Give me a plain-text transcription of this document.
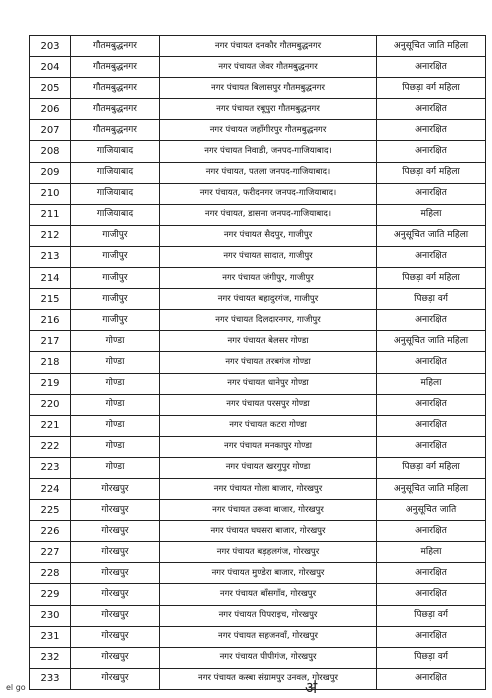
203	गौतमबुद्धनगर	नगर पंचायत दनकौर गौतमबुद्धनगर	अनुसूचित जाति महिला
204	गौतमबुद्धनगर	नगर पंचायत जेवर गौतमबुद्धनगर	अनारक्षित
205	गौतमबुद्धनगर	नगर पंचायत बिलासपुर गौतमबुद्धनगर	पिछड़ा वर्ग महिला
206	गौतमबुद्धनगर	नगर पंचायत रबूपुरा गौतमबुद्धनगर	अनारक्षित
207	गौतमबुद्धनगर	नगर पंचायत जहाँगीरपुर गौतमबुद्धनगर	अनारक्षित
208	गाजियाबाद	नगर पंचायत निवाडी, जनपद-गाजियाबाद।	अनारक्षित
209	गाजियाबाद	नगर पंचायत, पतला जनपद-गाजियाबाद।	पिछड़ा वर्ग महिला
210	गाजियाबाद	नगर पंचायत, फरीदनगर जनपद-गाजियाबाद।	अनारक्षित
211	गाजियाबाद	नगर पंचायत, डासना जनपद-गाजियाबाद।	महिला
212	गाजीपुर	नगर पंचायत सैदपुर, गाजीपुर	अनुसूचित जाति महिला
213	गाजीपुर	नगर पंचायत सादात, गाजीपुर	अनारक्षित
214	गाजीपुर	नगर पंचायत जंगीपुर, गाजीपुर	पिछड़ा वर्ग महिला
215	गाजीपुर	नगर पंचायत बहादुरगंज, गाजीपुर	पिछड़ा वर्ग
216	गाजीपुर	नगर पंचायत दिलदारनगर, गाजीपुर	अनारक्षित
217	गोण्डा	नगर पंचायत बेलसर गोण्डा	अनुसूचित जाति महिला
218	गोण्डा	नगर पंचायत तरबगंज गोण्डा	अनारक्षित
219	गोण्डा	नगर पंचायत धानेपुर गोण्डा	महिला
220	गोण्डा	नगर पंचायत परसपुर गोण्डा	अनारक्षित
221	गोण्डा	नगर पंचायत कटरा गोण्डा	अनारक्षित
222	गोण्डा	नगर पंचायत मनकापुर गोण्डा	अनारक्षित
223	गोण्डा	नगर पंचायत खरगुपुर गोण्डा	पिछड़ा वर्ग महिला
224	गोरखपुर	नगर पंचायत गोला बाजार, गोरखपुर	अनुसूचित जाति महिला
225	गोरखपुर	नगर पंचायत उरूवा बाजार, गोरखपुर	अनुसूचित जाति
226	गोरखपुर	नगर पंचायत घघसरा बाजार, गोरखपुर	अनारक्षित
227	गोरखपुर	नगर पंचायत बड़हलगंज, गोरखपुर	महिला
228	गोरखपुर	नगर पंचायत मुण्डेरा बाजार, गोरखपुर	अनारक्षित
229	गोरखपुर	नगर पंचायत बाँसगाँव, गोरखपुर	अनारक्षित
230	गोरखपुर	नगर पंचायत पिपराइच, गोरखपुर	पिछड़ा वर्ग
231	गोरखपुर	नगर पंचायत सहजनवाँ, गोरखपुर	अनारक्षित
232	गोरखपुर	नगर पंचायत पीपीगंज, गोरखपुर	पिछड़ा वर्ग
233	गोरखपुर	नगर पंचायत कस्बा संग्रामपुर उनवल, गोरखपुर	अनारक्षित
el go	ॳ
